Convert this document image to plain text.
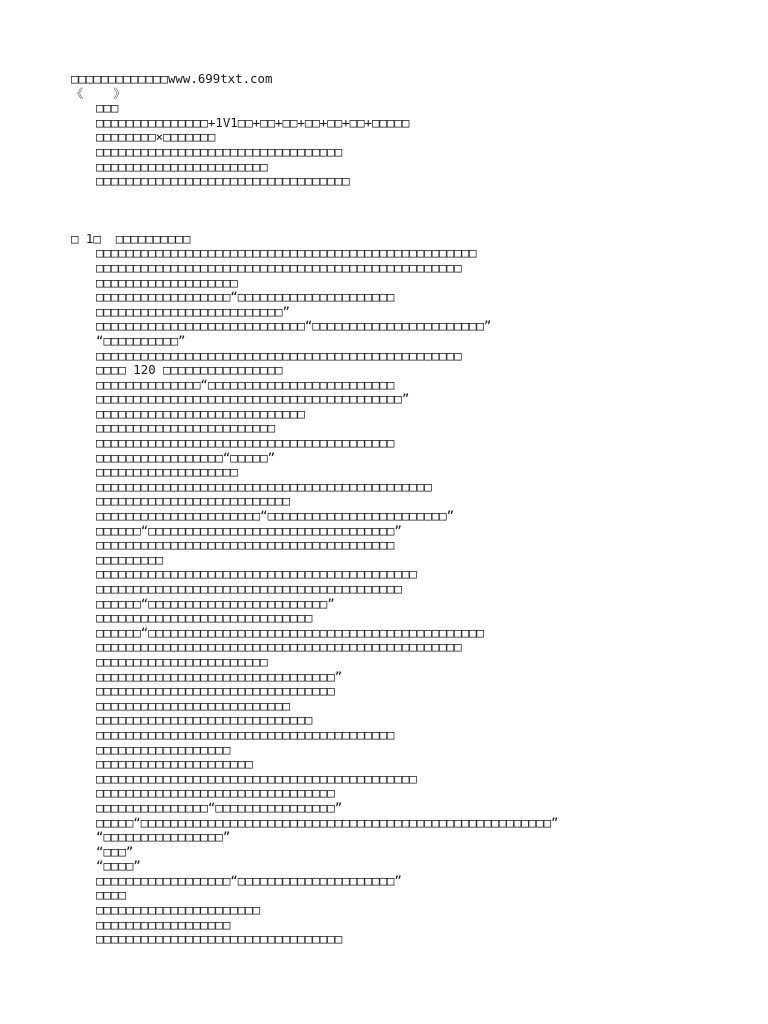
□□□□□□□□□□□□□www.699txt.com
《    》
□□□
□□□□□□□□□□□□□□□+1V1□□+□□+□□+□□+□□+□□+□□□□□
□□□□□□□□×□□□□□□□
□□□□□□□□□□□□□□□□□□□□□□□□□□□□□□□□□
□□□□□□□□□□□□□□□□□□□□□□□
□□□□□□□□□□□□□□□□□□□□□□□□□□□□□□□□□□
□ 1□  □□□□□□□□□□
□□□□□□□□□□□□□□□□□□□□□□□□□□□□□□□□□□□□□□□□□□□□□□□□□□□
□□□□□□□□□□□□□□□□□□□□□□□□□□□□□□□□□□□□□□□□□□□□□□□□□
□□□□□□□□□□□□□□□□□□□
□□□□□□□□□□□□□□□□□□“□□□□□□□□□□□□□□□□□□□□□
□□□□□□□□□□□□□□□□□□□□□□□□□”
□□□□□□□□□□□□□□□□□□□□□□□□□□□□“□□□□□□□□□□□□□□□□□□□□□□□”
“□□□□□□□□□□”
□□□□□□□□□□□□□□□□□□□□□□□□□□□□□□□□□□□□□□□□□□□□□□□□□
□□□□ 120 □□□□□□□□□□□□□□□□
□□□□□□□□□□□□□□“□□□□□□□□□□□□□□□□□□□□□□□□□
□□□□□□□□□□□□□□□□□□□□□□□□□□□□□□□□□□□□□□□□□”
□□□□□□□□□□□□□□□□□□□□□□□□□□□□
□□□□□□□□□□□□□□□□□□□□□□□□
□□□□□□□□□□□□□□□□□□□□□□□□□□□□□□□□□□□□□□□□
□□□□□□□□□□□□□□□□□“□□□□□”
□□□□□□□□□□□□□□□□□□□
□□□□□□□□□□□□□□□□□□□□□□□□□□□□□□□□□□□□□□□□□□□□□
□□□□□□□□□□□□□□□□□□□□□□□□□□
□□□□□□□□□□□□□□□□□□□□□□“□□□□□□□□□□□□□□□□□□□□□□□□”
□□□□□□“□□□□□□□□□□□□□□□□□□□□□□□□□□□□□□□□□”
□□□□□□□□□□□□□□□□□□□□□□□□□□□□□□□□□□□□□□□□
□□□□□□□□□
□□□□□□□□□□□□□□□□□□□□□□□□□□□□□□□□□□□□□□□□□□□
□□□□□□□□□□□□□□□□□□□□□□□□□□□□□□□□□□□□□□□□□
□□□□□□“□□□□□□□□□□□□□□□□□□□□□□□□”
□□□□□□□□□□□□□□□□□□□□□□□□□□□□□
□□□□□□“□□□□□□□□□□□□□□□□□□□□□□□□□□□□□□□□□□□□□□□□□□□□□
□□□□□□□□□□□□□□□□□□□□□□□□□□□□□□□□□□□□□□□□□□□□□□□□□
□□□□□□□□□□□□□□□□□□□□□□□
□□□□□□□□□□□□□□□□□□□□□□□□□□□□□□□□”
□□□□□□□□□□□□□□□□□□□□□□□□□□□□□□□□
□□□□□□□□□□□□□□□□□□□□□□□□□□
□□□□□□□□□□□□□□□□□□□□□□□□□□□□□
□□□□□□□□□□□□□□□□□□□□□□□□□□□□□□□□□□□□□□□□
□□□□□□□□□□□□□□□□□□
□□□□□□□□□□□□□□□□□□□□□
□□□□□□□□□□□□□□□□□□□□□□□□□□□□□□□□□□□□□□□□□□□
□□□□□□□□□□□□□□□□□□□□□□□□□□□□□□□□
□□□□□□□□□□□□□□□“□□□□□□□□□□□□□□□□”
□□□□□“□□□□□□□□□□□□□□□□□□□□□□□□□□□□□□□□□□□□□□□□□□□□□□□□□□□□□□□”
“□□□□□□□□□□□□□□□□”
“□□□”
“□□□□”
□□□□□□□□□□□□□□□□□□“□□□□□□□□□□□□□□□□□□□□□”
□□□□
□□□□□□□□□□□□□□□□□□□□□□
□□□□□□□□□□□□□□□□□□
□□□□□□□□□□□□□□□□□□□□□□□□□□□□□□□□□
